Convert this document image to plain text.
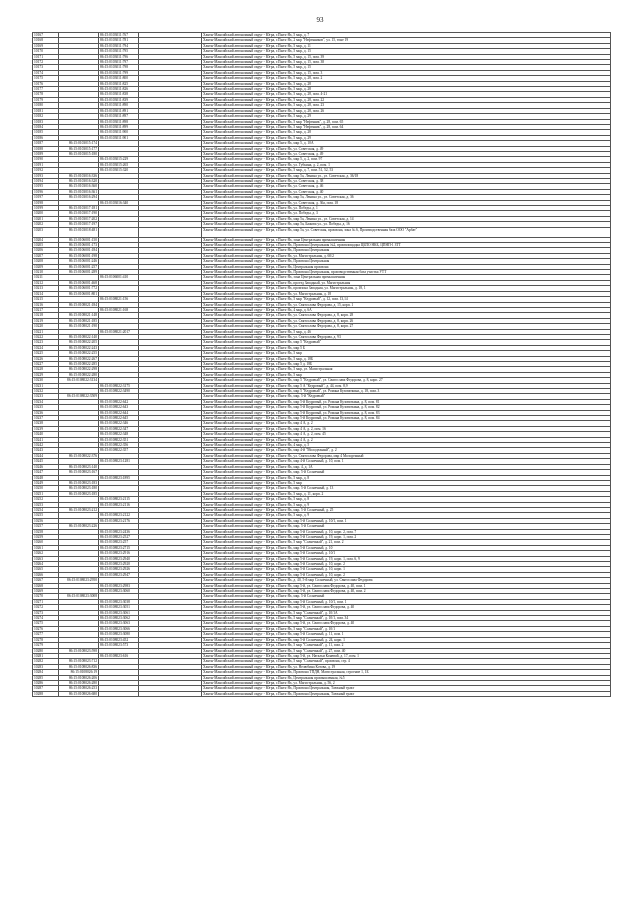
93
10167		86:15:0103011:767		Ханты-Мансийский автономный округ - Югра, г.Пыть-Ях, 5 мкр, д. 7
10168		86:15:0103011:781		Ханты-Мансийский автономный округ - Югра, г.Пыть-Ях, 2 мкр "Нефтяников", ул. 15, тоне 19
10169		86:15:0103011:794		Ханты-Мансийский автономный округ - Югра, г.Пыть-Ях, 5 мкр, д. 11
10170		86:15:0103011:795		Ханты-Мансийский автономный округ - Югра, г.Пыть-Ях, 5 мкр, д. 15
10171		86:15:0103011:796		Ханты-Мансийский автономный округ - Югра, г.Пыть-Ях, 5 мкр, д. 15, пом. 39
10172		86:15:0103011:797		Ханты-Мансийский автономный округ - Югра, г.Пыть-Ях, 5 мкр, д. 15, пом. 38
10173		86:15:0103011:798		Ханты-Мансийский автономный округ - Югра, г.Пыть-Ях, 5 мкр, д. 15
10174		86:15:0103011:799		Ханты-Мансийский автономный округ - Югра, г.Пыть-Ях, 5 мкр, д. 15, пом. 3
10175		86:15:0103011:800		Ханты-Мансийский автономный округ - Югра, г.Пыть-Ях, 5 мкр, д. 28, пом. 2
10176		86:15:0103011:825		Ханты-Мансийский автономный округ - Югра, г.Пыть-Ях, 5 мкр, д. 28
10177		86:15:0103011:826		Ханты-Мансийский автономный округ - Югра, г.Пыть-Ях, 5 мкр, д. 28
10178		86:15:0103011:838		Ханты-Мансийский автономный округ - Югра, г.Пыть-Ях, 5 мкр, д. 28, пом. 4-21
10179		86:15:0103011:839		Ханты-Мансийский автономный округ - Югра, г.Пыть-Ях, 5 мкр, д. 28, пом. 22
10180		86:15:0103011:890		Ханты-Мансийский автономный округ - Югра, г.Пыть-Ях, 5 мкр, д. 28, пом. 23
10181		86:15:0103011:891		Ханты-Мансийский автономный округ - Югра, г.Пыть-Ях, 5 мкр, д. 28, пом. 26
10182		86:15:0103011:897		Ханты-Мансийский автономный округ - Югра, г.Пыть-Ях, 5 мкр, д. 29
10183		86:15:0103011:898		Ханты-Мансийский автономный округ - Югра, г.Пыть-Ях, 5 мкр "Нефтяник", д. 28, пом. 65
10184		86:15:0103011:899		Ханты-Мансийский автономный округ - Югра, г.Пыть-Ях, 5 мкр "Нефтяник", д. 28, пом. 64
10185		86:15:0103011:900		Ханты-Мансийский автономный округ - Югра, г.Пыть-Ях, 5 мкр, д. 28
10186		86:15:0103011:901		Ханты-Мансийский автономный округ - Югра, г.Пыть-Ях, 5 мкр, д. 29
10187	86:15:0103015:174			Ханты-Мансийский автономный округ - Югра, г.Пыть-Ях, мкр 5, д. 10А
10188	86:15:0103015:177			Ханты-Мансийский автономный округ - Югра, г.Пыть-Ях, ул. Советская, д. 49
10189	86:15:0103015:180			Ханты-Мансийский автономный округ - Югра, г.Пыть-Ях, ул. Советская, д. 49
10190		86:15:0103015:229		Ханты-Мансийский автономный округ - Югра, г.Пыть-Ях, мкр 5, д. 2, пом. 97
10191		86:15:0103015:265		Ханты-Мансийский автономный округ - Югра, г.Пыть-Ях, ул. Губкина, д. 2, пом. 1
10192		86:15:0103015:320		Ханты-Мансийский автономный округ - Югра, г.Пыть-Ях, 5 мкр, д. 7, пом. 51, 52, 53
10193	86:15:0103016:336			Ханты-Мансийский автономный округ - Югра, г.Пыть-Ях, мкр 5а, Ленина ул., ул. Советская, д. 36/18
10194	86:15:0103016:320			Ханты-Мансийский автономный округ - Югра, г.Пыть-Ях, ул. Советская, д. 38
10195	86:15:0103016:360			Ханты-Мансийский автономный округ - Югра, г.Пыть-Ях, ул. Советская, д. 46
10196	86:15:0103016:361			Ханты-Мансийский автономный округ - Югра, г.Пыть-Ях, ул. Советская, д. 40
10197	86:15:0103016:294			Ханты-Мансийский автономный округ - Югра, г.Пыть-Ях, мкр 5а, Ленина ул., ул. Советская, д. 36
10198		86:15:0103016:340		Ханты-Мансийский автономный округ - Югра, г.Пыть-Ях, ул. Советская, д. 36а, пом. 18
10199	86:15:0103017:181			Ханты-Мансийский автономный округ - Югра, г.Пыть-Ях, ул. Победы, д. 1
10200	86:15:0103017:190			Ханты-Мансийский автономный округ - Югра, г.Пыть-Ях, ул. Победы, д. 3
10201	86:15:0103017:202			Ханты-Мансийский автономный округ - Югра, г.Пыть-Ях, мкр 5а, Ленина ул., ул. Советская, д. 14
10202	86:15:0103017:197			Ханты-Мансийский автономный округ - Югра, г.Пыть-Ях, мкр 5а, Бажова ул., ул. Победы, д. 16
10203	86:15:0103018:481			Ханты-Мансийский автономный округ - Югра, г.Пыть-Ях, мкр 5а, ул. Советская, промзона, зона № 6, Производственная база ООО "Арбат"
10204	86:15:0106001:150			Ханты-Мансийский автономный округ - Югра, г.Пыть-Ях, зона Центральная промышленная
10205	86:15:0106001:173			Ханты-Мансийский автономный округ - Югра, г.Пыть-Ях, Промзона Центральная №2, промплощадка ЦБПО НКБ, ЦПНП-1 ЗТТ
10206	86:15:0106001:184			Ханты-Мансийский автономный округ - Югра, г.Пыть-Ях, Промзона Центральная
10207	86:15:0106001:198			Ханты-Мансийский автономный округ - Югра, г.Пыть-Ях, ул. Магистральная, д. 60/2
10208	86:15:0106001:246			Ханты-Мансийский автономный округ - Югра, г.Пыть-Ях, Промзона Центральная
10209	86:15:0106001:257			Ханты-Мансийский автономный округ - Югра, г.Пыть-Ях, Центральная промзона
10210	86:15:0106001:289			Ханты-Мансийский автономный округ - Югра, г.Пыть-Ях, Промзона Центральная, производственная база участка УТТ
10211		86:15:0106001:410		Ханты-Мансийский автономный округ - Югра, г.Пыть-Ях, зона Центральная промышленная
10212	86:15:0106001:468			Ханты-Мансийский автономный округ - Югра, г.Пыть-Ях, проезд Западный, ул. Магистральная
10213	86:15:0106001:772			Ханты-Мансийский автономный округ - Югра, г.Пыть-Ях, промзона Западная, ул. Магистральная, д. 18, 1
10214	86:15:0106001:801			Ханты-Мансийский автономный округ - Югра, г.Пыть-Ях, ул. Магистральная, д. 18
10215		86:15:0108021:156		Ханты-Мансийский автономный округ - Югра, г.Пыть-Ях, 5 мкр "Кедровый", д. 12, пом. 13,14
10216	86:15:0108021:184			Ханты-Мансийский автономный округ - Югра, г.Пыть-Ях, ул. Святослава Федорова, д. 15, корп. 1
10217		86:15:0108021:168		Ханты-Мансийский автономный округ - Югра, г.Пыть-Ях, 4 мкр, д. 6А
10218	86:15:0108021:148			Ханты-Мансийский автономный округ - Югра, г.Пыть-Ях, ул. Святослава Федорова, д. 8, корп. 28
10219	86:15:0108021:185			Ханты-Мансийский автономный округ - Югра, г.Пыть-Ях, ул. Святослава Федорова, д. 8, корп. 26
10220	86:15:0108021:190			Ханты-Мансийский автономный округ - Югра, г.Пыть-Ях, ул. Святослава Федорова, д. 8, корп. 27
10221		86:15:0108021:2017		Ханты-Мансийский автономный округ - Югра, г.Пыть-Ях, 5 мкр, д. 46
10222	86:15:0108022:140			Ханты-Мансийский автономный округ - Югра, г.Пыть-Ях, ул. Святослава Федорова, д. 93
10223	86:15:0108022:205			Ханты-Мансийский автономный округ - Югра, г.Пыть-Ях, мкр 5 "Кедровый"
10224	86:15:0108022:243			Ханты-Мансийский автономный округ - Югра, г.Пыть-Ях, мкр 5 Б
10225	86:15:0108022:255			Ханты-Мансийский автономный округ - Югра, г.Пыть-Ях, 5 мкр
10226	86:15:0108022:267			Ханты-Мансийский автономный округ - Югра, г.Пыть-Ях, 5 мкр, д. 18Б
10227	86:15:0108022:285			Ханты-Мансийский автономный округ - Югра, г.Пыть-Ях, мкр 5 д. 18Б
10228	86:15:0108022:298			Ханты-Мансийский автономный округ - Югра, г.Пыть-Ях, 5 мкр, ул. Магистральная
10229	86:15:0108022:280			Ханты-Мансийский автономный округ - Югра, г.Пыть-Ях, 5 мкр
10230	86:15:0108022:3134			Ханты-Мансийский автономный округ - Югра, г.Пыть-Ях, мкр 5 "Кедровый", ул. Святослава Федорова, д. 8, корп. 27
10231		86:15:0108022:3175		Ханты-Мансийский автономный округ - Югра, г.Пыть-Ях, мкр 5 А "Кедровый", д. 44, пом. 8,9
10232		86:15:0108022:3490		Ханты-Мансийский автономный округ - Югра, г.Пыть-Ях, мкр 5 "Кедровый", ул. Романа Кузоваткина, д. 18, пом. 3
10233	86:15:0108022:3509			Ханты-Мансийский автономный округ - Югра, г.Пыть-Ях, мкр. 5-й "Кедровый"
10234		86:15:0108022:642		Ханты-Мансийский автономный округ - Югра, г.Пыть-Ях, мкр 5-й Кедровый, ул. Романа Кузоваткина, д. 8, пом. 81
10235		86:15:0108022:643		Ханты-Мансийский автономный округ - Югра, г.Пыть-Ях, мкр 5-й Кедровый, ул. Романа Кузоваткина, д. 8, пом. 82
10236		86:15:0108022:644		Ханты-Мансийский автономный округ - Югра, г.Пыть-Ях, мкр 5-й Кедровый, ул. Романа Кузоваткина, д. 8, пом. 83
10237		86:15:0108022:645		Ханты-Мансийский автономный округ - Югра, г.Пыть-Ях, мкр 5-й Кедровый, ул. Романа Кузоваткина, д. 8, пом. 84
10238		86:15:0108022:346		Ханты-Мансийский автономный округ - Югра, г.Пыть-Ях, мкр 4 А, д. 2
10239		86:15:0108022:347		Ханты-Мансийский автономный округ - Югра, г.Пыть-Ях, мкр 4 А, д. 2, пом. 16
10240		86:15:0108022:348		Ханты-Мансийский автономный округ - Югра, г.Пыть-Ях, мкр 4 А, д. 2, пом. 45
10241		86:15:0108022:351		Ханты-Мансийский автономный округ - Югра, г.Пыть-Ях, мкр 4 А, д. 2
10242		86:15:0108022:356		Ханты-Мансийский автономный округ - Югра, г.Пыть-Ях, 4 мкр, д. 5
10243		86:15:0108022:357		Ханты-Мансийский автономный округ - Югра, г.Пыть-Ях, мкр 4-й "Молодежный", д. 2
10244	86:15:0108022:376			Ханты-Мансийский автономный округ - Югра, г.Пыть-Ях, ул. Святослава Федорова, мкр 4 Молодежный
10245		86:15:0108023:1281		Ханты-Мансийский автономный округ - Югра, г.Пыть-Ях, мкр 4-й Солнечный, д. 10, пом. 1
10246	86:15:0108023:140			Ханты-Мансийский автономный округ - Югра, г.Пыть-Ях, мкр. 4, д. 1А
10247	86:15:0108023:167			Ханты-Мансийский автономный округ - Югра, г.Пыть-Ях, мкр. 5-й Солнечный
10248		86:15:0108023:1895		Ханты-Мансийский автономный округ - Югра, г.Пыть-Ях, 5 мкр, д. 8
10249	86:15:0108023:183			Ханты-Мансийский автономный округ - Югра, г.Пыть-Ях, 5 мкр
10250	86:15:0108023:180			Ханты-Мансийский автономный округ - Югра, г.Пыть-Ях, мкр. 5-й Солнечный, д. 13
10251	86:15:0108023:185			Ханты-Мансийский автономный округ - Югра, г.Пыть-Ях, 5 мкр, д. 11, корп. 2
10252		86:15:0108023:2115		Ханты-Мансийский автономный округ - Югра, г.Пыть-Ях, 5 мкр, д. 8
10253		86:15:0108023:2116		Ханты-Мансийский автономный округ - Югра, г.Пыть-Ях, 5 мкр, д. 9
10254	86:15:0108023:212			Ханты-Мансийский автономный округ - Югра, г.Пыть-Ях, мкр. 5-й Солнечный, д. 25
10255		86:15:0108023:2122		Ханты-Мансийский автономный округ - Югра, г.Пыть-Ях, 5 мкр, д. 9
10256		86:15:0108023:2176		Ханты-Мансийский автономный округ - Югра, г.Пыть-Ях, мкр 5-й Солнечный, д. 10/1, пом. 1
10257	86:15:0108023:226			Ханты-Мансийский автономный округ - Югра, г.Пыть-Ях, мкр. 5-й Солнечный
10258		86:15:0108023:2436		Ханты-Мансийский автономный округ - Югра, г.Пыть-Ях, мкр 5-й Солнечный, д. 10, корп. 2, пом. 7
10259		86:15:0108023:2527		Ханты-Мансийский автономный округ - Югра, г.Пыть-Ях, мкр 5-й Солнечный, д. 19, корп. 1, пом. 2
10260		86:15:0108023:257		Ханты-Мансийский автономный округ - Югра, г.Пыть-Ях, 5 мкр "Солнечный", д. 21, пом. 2
10261		86:15:0108023:2715		Ханты-Мансийский автономный округ - Югра, г.Пыть-Ях, мкр 5-й Солнечный, д. 10
10262		86:15:0108023:2916		Ханты-Мансийский автономный округ - Югра, г.Пыть-Ях, мкр 5-й Солнечный, д. 10/1
10263		86:15:0108023:2940		Ханты-Мансийский автономный округ - Югра, г.Пыть-Ях, мкр 5-й Солнечный, д. 19, корп. 1, пом. 6, 9
10264		86:15:0108023:2920		Ханты-Мансийский автономный округ - Югра, г.Пыть-Ях, мкр 5-й Солнечный, д. 10, корп. 2
10265		86:15:0108023:2926		Ханты-Мансийский автономный округ - Югра, г.Пыть-Ях, мкр 5-й Солнечный, д. 10, корп. 1
10266		86:15:0108023:2947		Ханты-Мансийский автономный округ - Югра, г.Пыть-Ях, мкр 5-й Солнечный, д. 10, корп. 2
10267	86:15:0108023:2950			Ханты-Мансийский автономный округ - Югра, г.Пыть-Ях, д. 40, 5-й мкр Солнечный, ул. Святослава Федорова
10268		86:15:0108023:2983		Ханты-Мансийский автономный округ - Югра, г.Пыть-Ях, мкр 5-й, ул. Святослава Федорова, д. 40, пом. 1
10269		86:15:0108023:3060		Ханты-Мансийский автономный округ - Югра, г.Пыть-Ях, мкр 5-й, ул. Святослава Федорова, д. 40, пом. 2
10270	86:15:0108023:3008			Ханты-Мансийский автономный округ - Югра, г.Пыть-Ях, мкр. 5-й Солнечный
10271		86:15:0108023:3038		Ханты-Мансийский автономный округ - Югра, г.Пыть-Ях, мкр 5-й Солнечный, д. 10/1, пом. 1
10272		86:15:0108023:3051		Ханты-Мансийский автономный округ - Югра, г.Пыть-Ях, мкр 5-й, ул. Святослава Федорова, д. 40
10273		86:15:0108023:3061		Ханты-Мансийский автономный округ - Югра, г.Пыть-Ях, 5 мкр "Солнечный", д. 10/1А
10274		86:15:0108023:3062		Ханты-Мансийский автономный округ - Югра, г.Пыть-Ях, 5 мкр "Солнечный", д. 10/1, пом. 34
10275		86:15:0108023:3063		Ханты-Мансийский автономный округ - Югра, г.Пыть-Ях, мкр 5-й, ул. Святослава Федорова, д. 40
10276		86:15:0108023:3066		Ханты-Мансийский автономный округ - Югра, г.Пыть-Ях, 5 мкр "Солнечный", д. 10/1
10277		86:15:0108023:3080		Ханты-Мансийский автономный округ - Югра, г.Пыть-Ях, мкр 5-й Солнечный, д. 11, пом. 1
10278		86:15:0108023:452		Ханты-Мансийский автономный округ - Югра, г.Пыть-Ях, мкр 5-й Солнечный, д. 24, корп. 1
10279		86:15:0108023:573		Ханты-Мансийский автономный округ - Югра, г.Пыть-Ях, 5 мкр "Солнечный", д. 11, пом. 2
10280	86:15:0108023:598			Ханты-Мансийский автономный округ - Югра, г.Пыть-Ях, 5 мкр "Солнечный", д. 27, пом. 40
10281		86:15:0108023:616		Ханты-Мансийский автономный округ - Югра, г.Пыть-Ях, мкр 5-й, ул. Натальи Коневой, д. 17, пом. 1
10282	86:15:0108023:712			Ханты-Мансийский автономный округ - Югра, г.Пыть-Ях, 5 мкр "Солнечный", промзона, стр. 4
10283	86:15:0108026:836			Ханты-Мансийский автономный округ - Югра, г.Пыть-Ях, ул. Нелюбина Котова, д. 19
10284	86:15:0108026:19			Ханты-Мансийский автономный округ - Югра, г.Пыть-Ях, Промзона ТПДН, Магистральная, строение 1, 1Б
10285	86:15:0108026:206			Ханты-Мансийский автономный округ - Югра, г.Пыть-Ях, Центральная промышленная, №5
10286	86:15:0108026:280			Ханты-Мансийский автономный округ - Югра, г.Пыть-Ях, ул. Магистральная, д. 56, 2
10287	86:15:0108026:253			Ханты-Мансийский автономный округ - Югра, г.Пыть-Ях, Промзона Центральная, Таежный тракт
10288	86:15:0108026:680			Ханты-Мансийский автономный округ - Югра, г.Пыть-Ях, Промзона Центральная, Таежный тракт
